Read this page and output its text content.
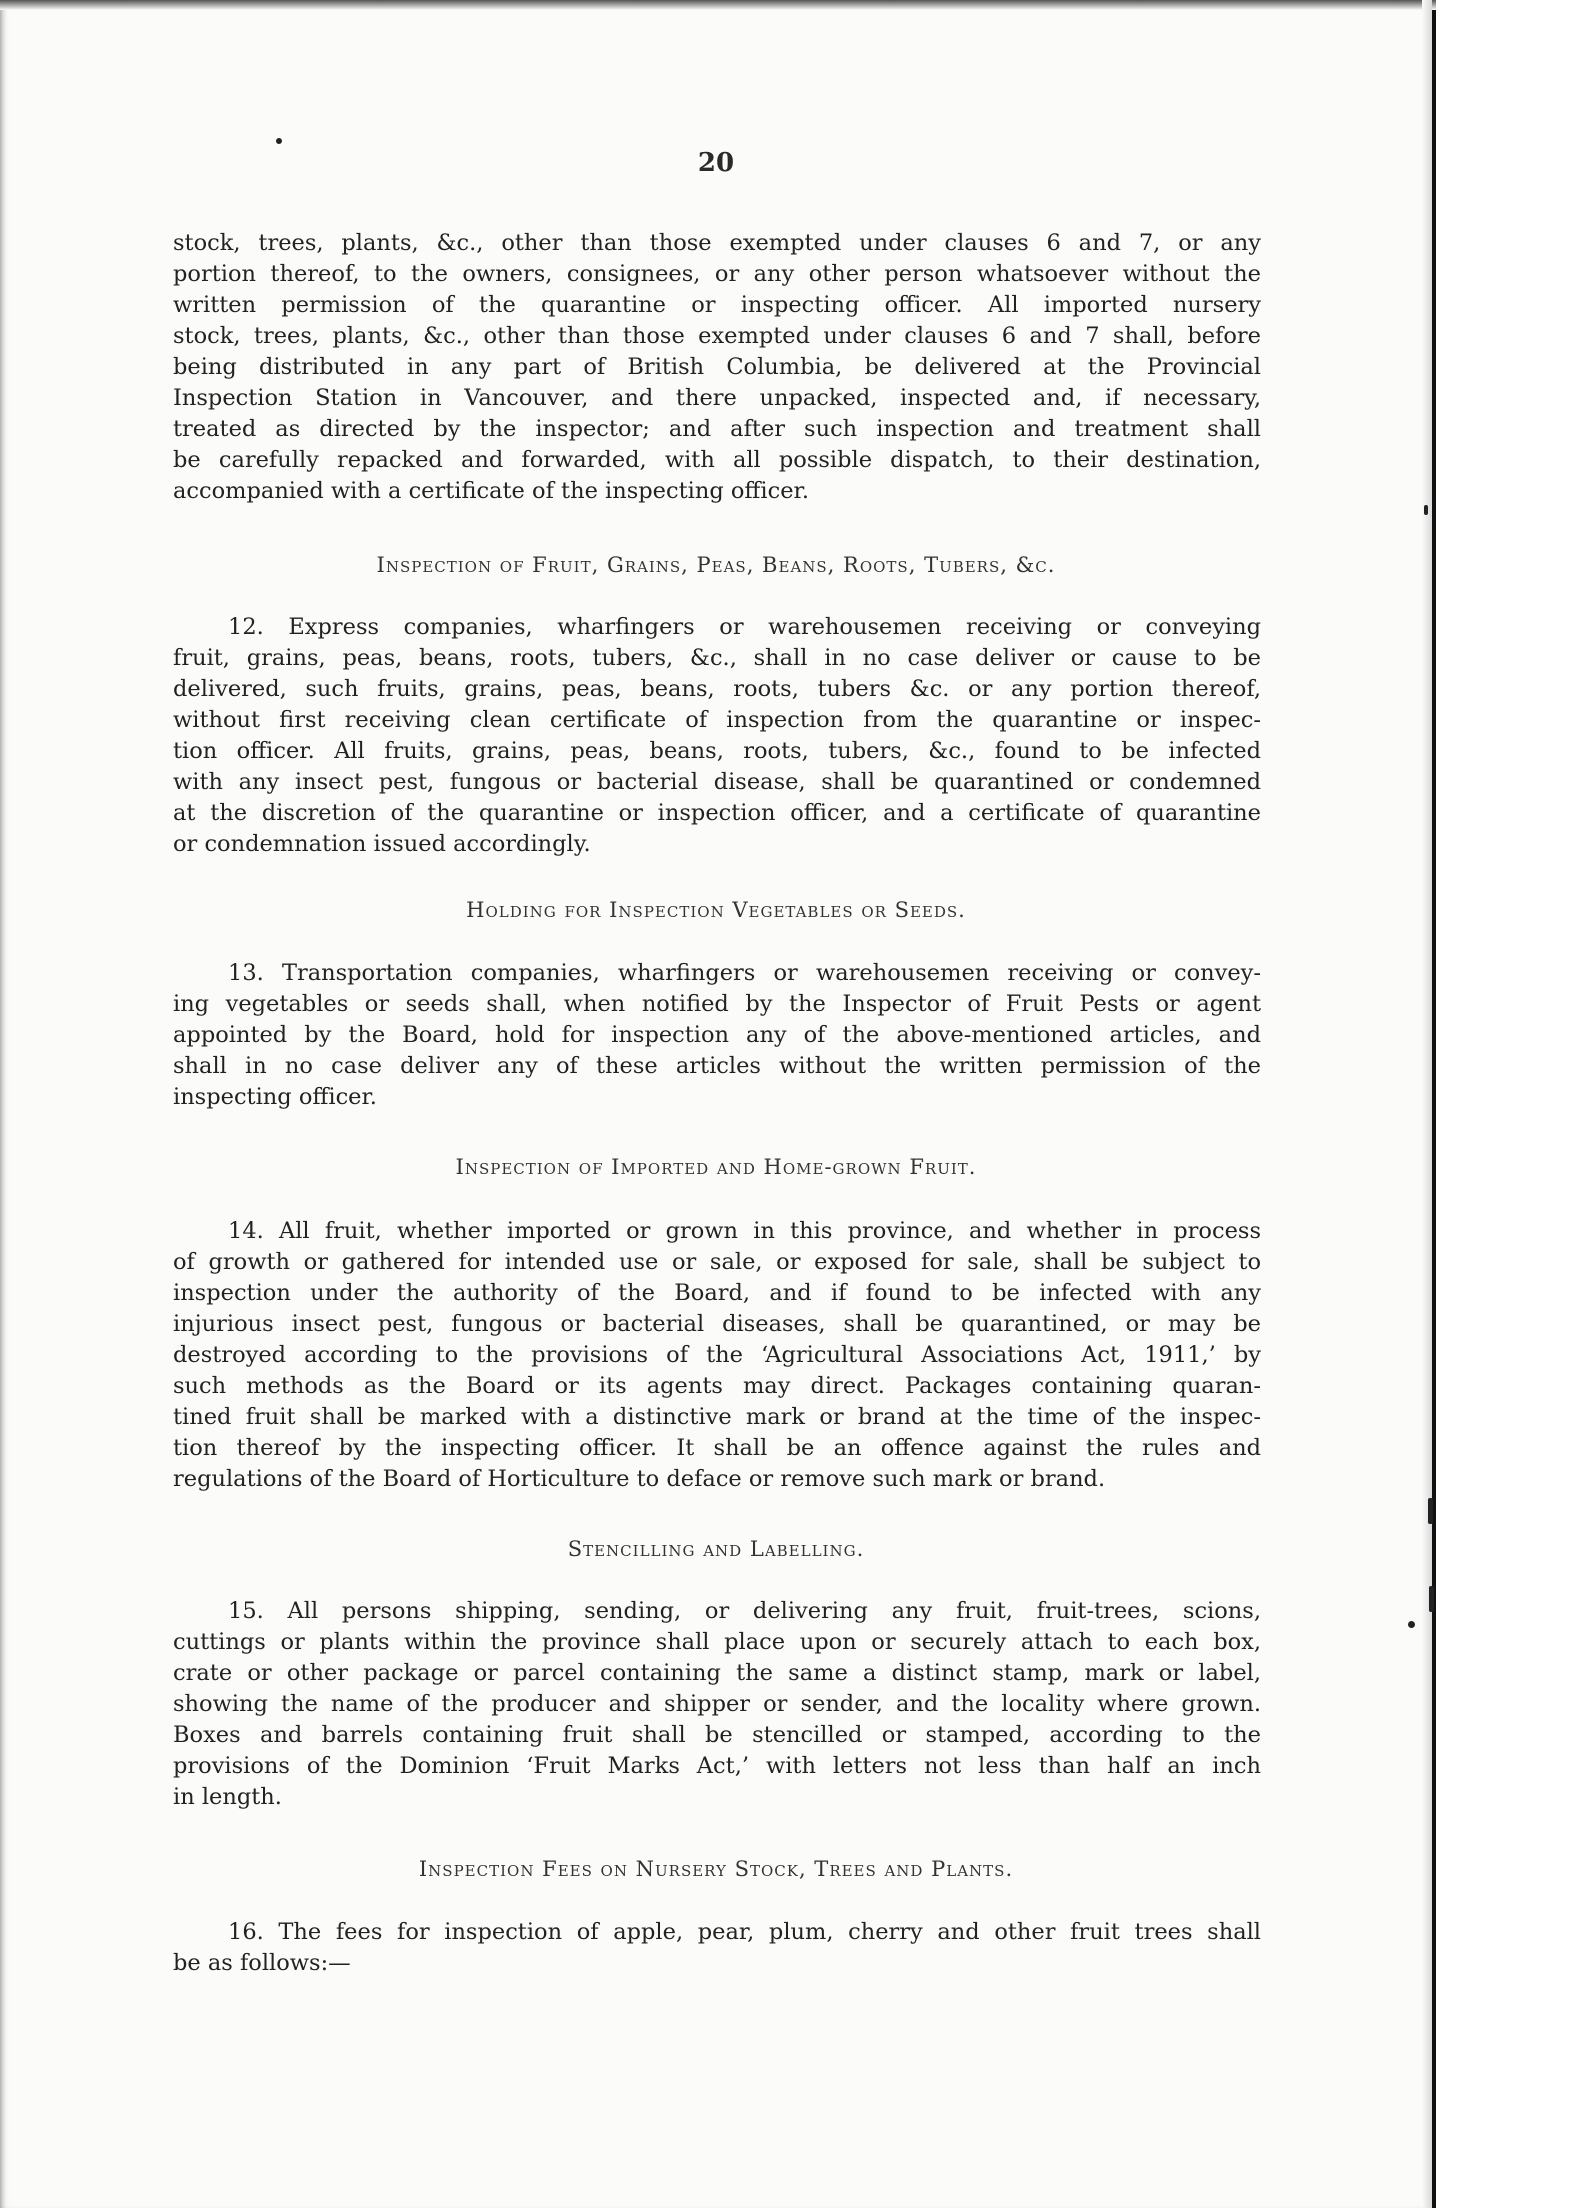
20
stock, trees, plants, &c., other than those exempted under clauses 6 and 7, or any
portion thereof, to the owners, consignees, or any other person whatsoever without the
written permission of the quarantine or inspecting officer. All imported nursery
stock, trees, plants, &c., other than those exempted under clauses 6 and 7 shall, before
being distributed in any part of British Columbia, be delivered at the Provincial
Inspection Station in Vancouver, and there unpacked, inspected and, if necessary,
treated as directed by the inspector; and after such inspection and treatment shall
be carefully repacked and forwarded, with all possible dispatch, to their destination,
accompanied with a certificate of the inspecting officer.
Inspection of Fruit, Grains, Peas, Beans, Roots, Tubers, &c.
12. Express companies, wharfingers or warehousemen receiving or conveying
fruit, grains, peas, beans, roots, tubers, &c., shall in no case deliver or cause to be
delivered, such fruits, grains, peas, beans, roots, tubers &c. or any portion thereof,
without first receiving clean certificate of inspection from the quarantine or inspec-
tion officer. All fruits, grains, peas, beans, roots, tubers, &c., found to be infected
with any insect pest, fungous or bacterial disease, shall be quarantined or condemned
at the discretion of the quarantine or inspection officer, and a certificate of quarantine
or condemnation issued accordingly.
Holding for Inspection Vegetables or Seeds.
13. Transportation companies, wharfingers or warehousemen receiving or convey-
ing vegetables or seeds shall, when notified by the Inspector of Fruit Pests or agent
appointed by the Board, hold for inspection any of the above-mentioned articles, and
shall in no case deliver any of these articles without the written permission of the
inspecting officer.
Inspection of Imported and Home-grown Fruit.
14. All fruit, whether imported or grown in this province, and whether in process
of growth or gathered for intended use or sale, or exposed for sale, shall be subject to
inspection under the authority of the Board, and if found to be infected with any
injurious insect pest, fungous or bacterial diseases, shall be quarantined, or may be
destroyed according to the provisions of the ‘Agricultural Associations Act, 1911,’ by
such methods as the Board or its agents may direct. Packages containing quaran-
tined fruit shall be marked with a distinctive mark or brand at the time of the inspec-
tion thereof by the inspecting officer. It shall be an offence against the rules and
regulations of the Board of Horticulture to deface or remove such mark or brand.
Stencilling and Labelling.
15. All persons shipping, sending, or delivering any fruit, fruit-trees, scions,
cuttings or plants within the province shall place upon or securely attach to each box,
crate or other package or parcel containing the same a distinct stamp, mark or label,
showing the name of the producer and shipper or sender, and the locality where grown.
Boxes and barrels containing fruit shall be stencilled or stamped, according to the
provisions of the Dominion ‘Fruit Marks Act,’ with letters not less than half an inch
in length.
Inspection Fees on Nursery Stock, Trees and Plants.
16. The fees for inspection of apple, pear, plum, cherry and other fruit trees shall
be as follows:—
